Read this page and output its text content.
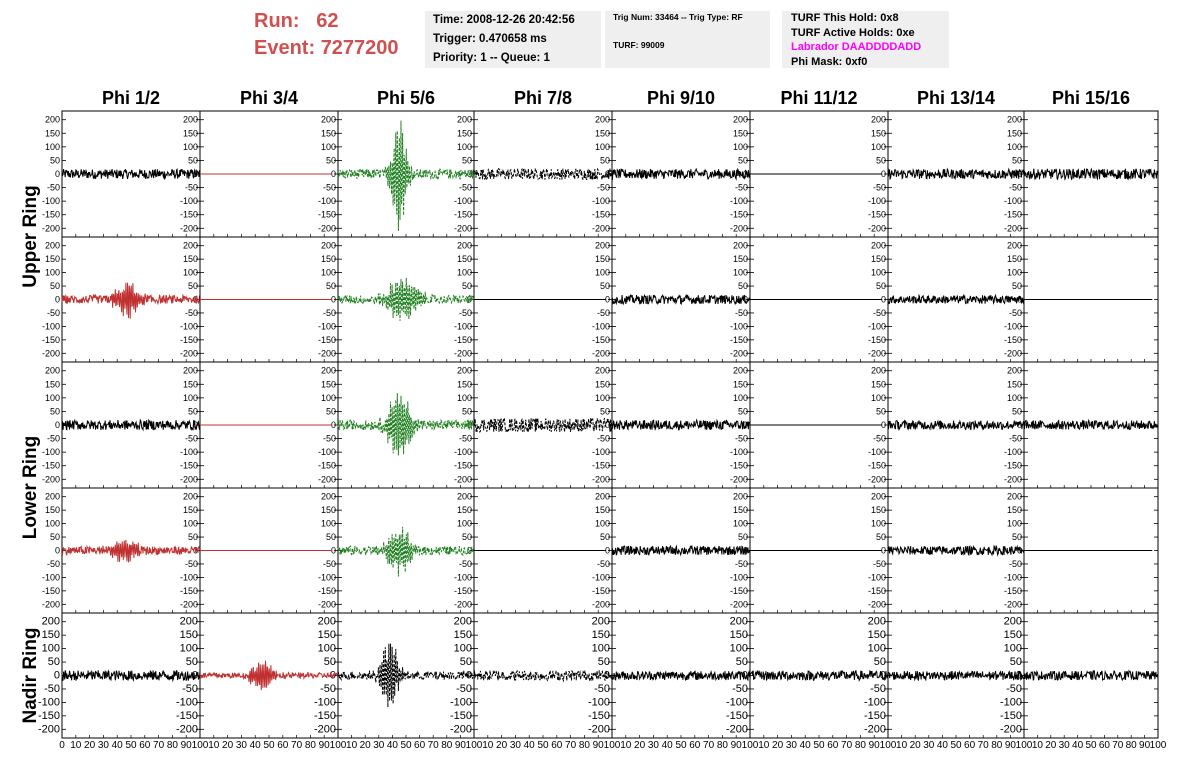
Run: 62
Event: 7277200
Time: 2008-12-26 20:42:56
Trigger: 0.470658 ms
Priority: 1 -- Queue: 1
Trig Num: 33464 -- Trig Type: RF
TURF: 99009
TURF This Hold: 0x8
TURF Active Holds: 0xe
Labrador DAADDDDADD
Phi Mask: 0xf0
Phi 1/2	Phi 3/4	Phi 5/6	Phi 7/8	Phi 9/10	Phi 11/12	Phi 13/14	Phi 15/16
Upper Ring
Lower Ring
Nadir Ring
-200
-150
-100
-50
0
50
100
150
200
-200
-150
-100
-50
0
50
100
150
200
-200
-150
-100
-50
0
50
100
150
200
-200
-150
-100
-50
0
50
100
150
200
-200
-150
-100
-50
0
50
100
150
200
-200
-150
-100
-50
0
50
100
150
200
-200
-150
-100
-50
0
50
100
150
200
-200
-150
-100
-50
0
50
100
150
200
-200
-150
-100
-50
0
50
100
150
200
-200
-150
-100
-50
0
50
100
150
200
-200
-150
-100
-50
0
50
100
150
200
-200
-150
-100
-50
0
50
100
150
200
-200
-150
-100
-50
0
50
100
150
200
-200
-150
-100
-50
0
50
100
150
200
-200
-150
-100
-50
0
50
100
150
200
-200
-150
-100
-50
0
50
100
150
200
-200
-150
-100
-50
0
50
100
150
200
-200
-150
-100
-50
0
50
100
150
200
-200
-150
-100
-50
0
50
100
150
200
-200
-150
-100
-50
0
50
100
150
200
-200
-150
-100
-50
0
50
100
150
200
-200
-150
-100
-50
0
50
100
150
200
-200
-150
-100
-50
0
50
100
150
200
-200
-150
-100
-50
0
50
100
150
200
-200
-150
-100
-50
0
50
100
150
200
-200
-150
-100
-50
0
50
100
150
200
-200
-150
-100
-50
0
50
100
150
200
-200
-150
-100
-50
0
50
100
150
200
-200
-150
-100
-50
0
50
100
150
200
-200
-150
-100
-50
0
50
100
150
200
-200
-150
-100
-50
0
50
100
150
200
-200
-150
-100
-50
0
50
100
150
200
-200
-150
-100
-50
0
50
100
150
200
-200
-150
-100
-50
0
50
100
150
200
-200
-150
-100
-50
0
50
100
150
200
-200
-150
-100
-50
0
50
100
150
200
-200
-150
-100
-50
0
50
100
150
200
-200
-150
-100
-50
0
50
100
150
200
-200
-150
-100
-50
0
50
100
150
200
-200
-150
-100
-50
0
50
100
150
200
0 10 20 30 40 50 60 70 80 90 100 10 20 30 40 50 60 70 80 90 100 10 20 30 40 50 60 70 80 90 100 10 20 30 40 50 60 70 80 90 100 10 20 30 40 50 60 70 80 90 100 10 20 30 40 50 60 70 80 90 100 10 20 30 40 50 60 70 80 90 100 10 20 30 40 50 60 70 80 90 100
